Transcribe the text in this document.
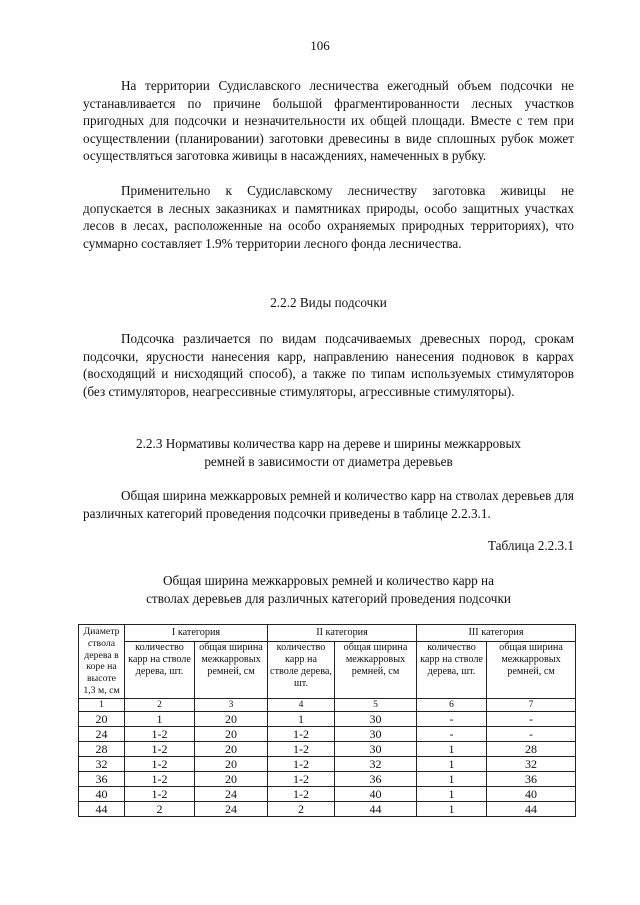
106

На территории Судиславского лесничества ежегодный объем подсочки не устанавливается по причине большой фрагментированности лесных участков пригодных для подсочки и незначительности их общей площади. Вместе с тем при осуществлении (планировании) заготовки древесины в виде сплошных рубок может осуществляться заготовка живицы в насаждениях, намеченных в рубку.

Применительно к Судиславскому лесничеству заготовка живицы не допускается в лесных заказниках и памятниках природы, особо защитных участках лесов в лесах, расположенные на особо охраняемых природных территориях), что суммарно составляет 1.9% территории лесного фонда лесничества.

2.2.2 Виды подсочки

Подсочка различается по видам подсачиваемых древесных пород, срокам подсочки, ярусности нанесения карр, направлению нанесения подновок в каррах (восходящий и нисходящий способ), а также по типам используемых стимуляторов (без стимуляторов, неагрессивные стимуляторы, агрессивные стимуляторы).

2.2.3 Нормативы количества карр на дереве и ширины межкарровых

ремней в зависимости от диаметра деревьев

Общая ширина межкарровых ремней и количество карр на стволах деревьев для различных категорий проведения подсочки приведены в таблице 2.2.3.1.

Таблица 2.2.3.1
Общая ширина межкарровых ремней и количество карр на
стволах деревьев для различных категорий проведения подсочки
Диаметр ствола дерева в коре на высоте 1,3 м, см	I категория		II категория		III категория	
	количество карр на стволе дерева, шт.	общая ширина межкарровых ремней, см	количество карр на стволе дерева, шт.	общая ширина межкарровых ремней, см	количество карр на стволе дерева, шт.	общая ширина межкарровых ремней, см
1	2	3	4	5	6	7
20	1	20	1	30	-	-
24	1-2	20	1-2	30	-	-
28	1-2	20	1-2	30	1	28
32	1-2	20	1-2	32	1	32
36	1-2	20	1-2	36	1	36
40	1-2	24	1-2	40	1	40
44	2	24	2	44	1	44
